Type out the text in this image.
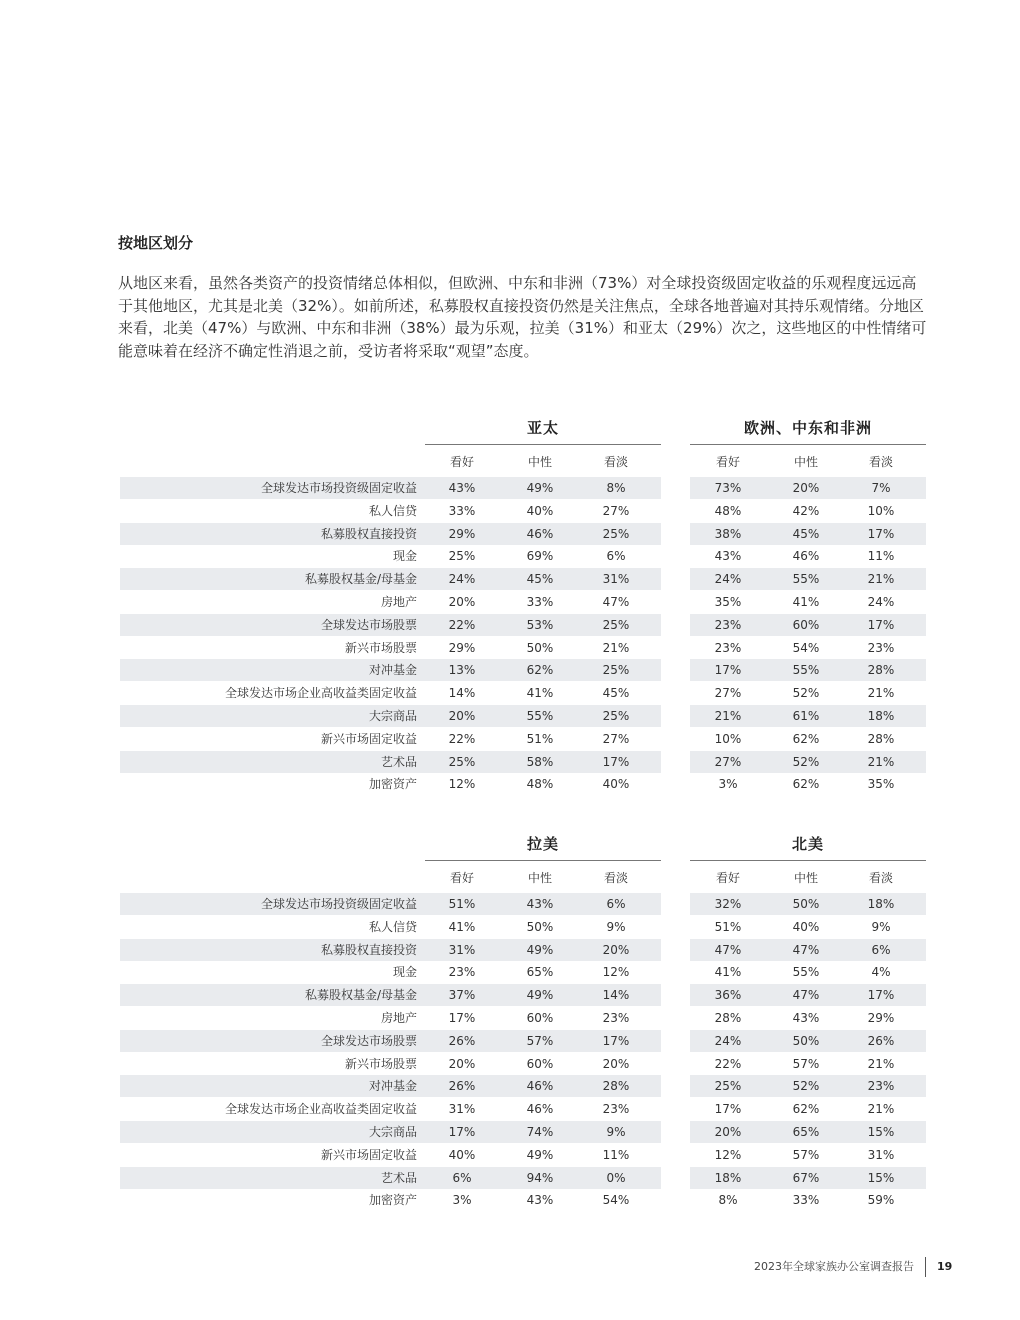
按地区划分
从地区来看，虽然各类资产的投资情绪总体相似，但欧洲、中东和非洲（73%）对全球投资级固定收益的乐观程度远远高于其他地区，尤其是北美（32%）。如前所述，私募股权直接投资仍然是关注焦点，全球各地普遍对其持乐观情绪。分地区来看，北美（47%）与欧洲、中东和非洲（38%）最为乐观，拉美（31%）和亚太（29%）次之，这些地区的中性情绪可能意味着在经济不确定性消退之前，受访者将采取“观望”态度。
亚太
看好	中性	看淡
欧洲、中东和非洲
看好	中性	看淡
全球发达市场投资级固定收益	43%	49%	8%	73%	20%	7%
私人信贷	33%	40%	27%	48%	42%	10%
私募股权直接投资	29%	46%	25%	38%	45%	17%
现金	25%	69%	6%	43%	46%	11%
私募股权基金/母基金	24%	45%	31%	24%	55%	21%
房地产	20%	33%	47%	35%	41%	24%
全球发达市场股票	22%	53%	25%	23%	60%	17%
新兴市场股票	29%	50%	21%	23%	54%	23%
对冲基金	13%	62%	25%	17%	55%	28%
全球发达市场企业高收益类固定收益	14%	41%	45%	27%	52%	21%
大宗商品	20%	55%	25%	21%	61%	18%
新兴市场固定收益	22%	51%	27%	10%	62%	28%
艺术品	25%	58%	17%	27%	52%	21%
加密资产	12%	48%	40%	3%	62%	35%
拉美
看好	中性	看淡
北美
看好	中性	看淡
全球发达市场投资级固定收益	51%	43%	6%	32%	50%	18%
私人信贷	41%	50%	9%	51%	40%	9%
私募股权直接投资	31%	49%	20%	47%	47%	6%
现金	23%	65%	12%	41%	55%	4%
私募股权基金/母基金	37%	49%	14%	36%	47%	17%
房地产	17%	60%	23%	28%	43%	29%
全球发达市场股票	26%	57%	17%	24%	50%	26%
新兴市场股票	20%	60%	20%	22%	57%	21%
对冲基金	26%	46%	28%	25%	52%	23%
全球发达市场企业高收益类固定收益	31%	46%	23%	17%	62%	21%
大宗商品	17%	74%	9%	20%	65%	15%
新兴市场固定收益	40%	49%	11%	12%	57%	31%
艺术品	6%	94%	0%	18%	67%	15%
加密资产	3%	43%	54%	8%	33%	59%
2023年全球家族办公室调查报告 19
